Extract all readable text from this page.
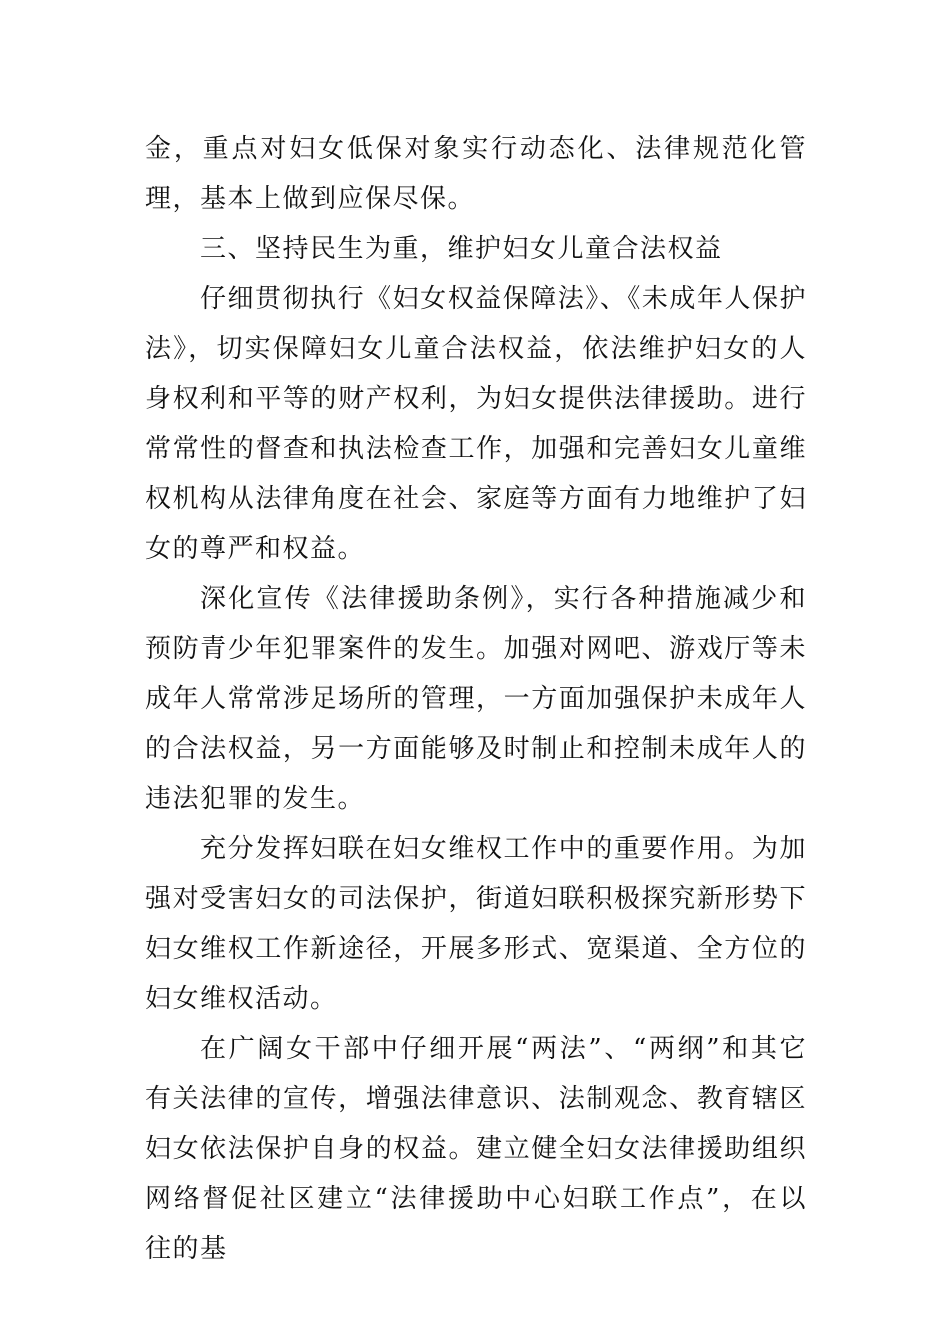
金，重点对妇女低保对象实行动态化、法律规范化管理，基本上做到应保尽保。

三、坚持民生为重，维护妇女儿童合法权益

仔细贯彻执行《妇女权益保障法》、《未成年人保护法》，切实保障妇女儿童合法权益，依法维护妇女的人身权利和平等的财产权利，为妇女提供法律援助。进行常常性的督查和执法检查工作，加强和完善妇女儿童维权机构从法律角度在社会、家庭等方面有力地维护了妇女的尊严和权益。

深化宣传《法律援助条例》，实行各种措施减少和预防青少年犯罪案件的发生。加强对网吧、游戏厅等未成年人常常涉足场所的管理，一方面加强保护未成年人的合法权益，另一方面能够及时制止和控制未成年人的违法犯罪的发生。

充分发挥妇联在妇女维权工作中的重要作用。为加强对受害妇女的司法保护，街道妇联积极探究新形势下妇女维权工作新途径，开展多形式、宽渠道、全方位的妇女维权活动。

在广阔女干部中仔细开展“两法”、“两纲”和其它有关法律的宣传，增强法律意识、法制观念、教育辖区妇女依法保护自身的权益。建立健全妇女法律援助组织网络督促社区建立“法律援助中心妇联工作点”，在以往的基
